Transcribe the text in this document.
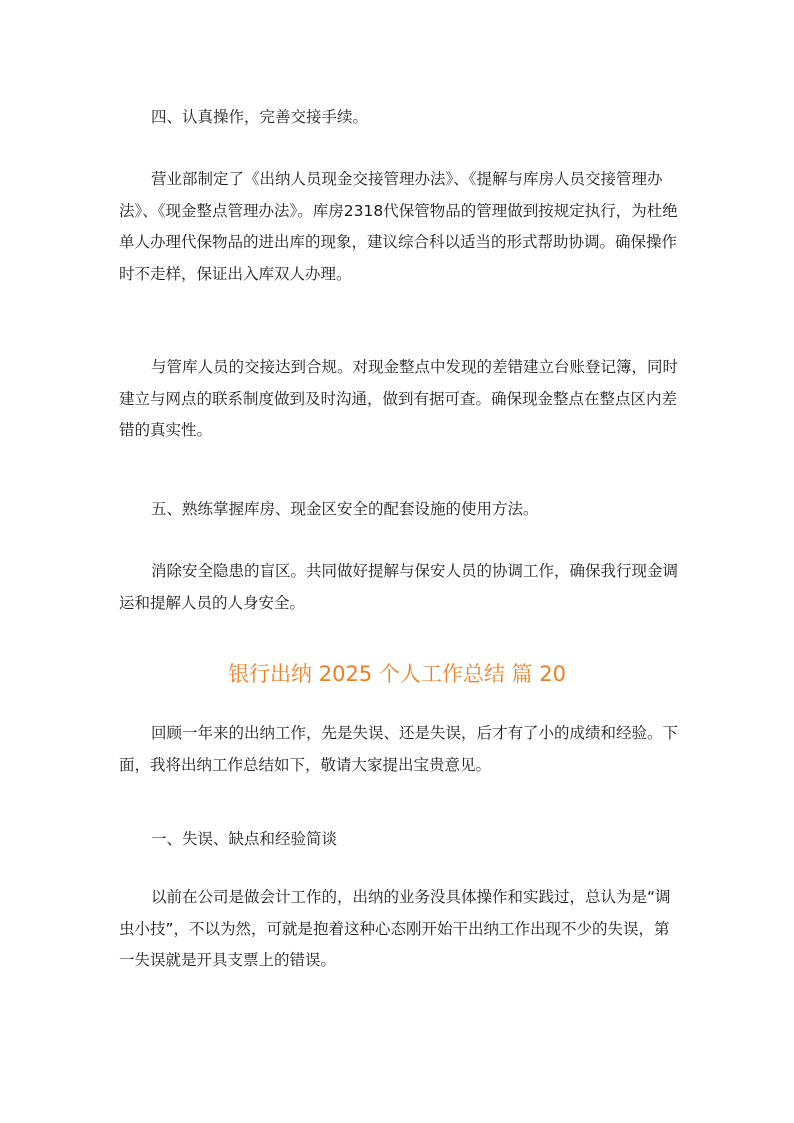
四、认真操作，完善交接手续。

营业部制定了《出纳人员现金交接管理办法》、《提解与库房人员交接管理办法》、《现金整点管理办法》。库房2318代保管物品的管理做到按规定执行，为杜绝单人办理代保物品的进出库的现象，建议综合科以适当的形式帮助协调。确保操作时不走样，保证出入库双人办理。

与管库人员的交接达到合规。对现金整点中发现的差错建立台账登记簿，同时建立与网点的联系制度做到及时沟通，做到有据可查。确保现金整点在整点区内差错的真实性。

五、熟练掌握库房、现金区安全的配套设施的使用方法。

消除安全隐患的盲区。共同做好提解与保安人员的协调工作，确保我行现金调运和提解人员的人身安全。

银行出纳 2025 个人工作总结 篇 20

回顾一年来的出纳工作，先是失误、还是失误，后才有了小的成绩和经验。下面，我将出纳工作总结如下，敬请大家提出宝贵意见。

一、失误、缺点和经验简谈

以前在公司是做会计工作的，出纳的业务没具体操作和实践过，总认为是“调虫小技”，不以为然，可就是抱着这种心态刚开始干出纳工作出现不少的失误，第一失误就是开具支票上的错误。
